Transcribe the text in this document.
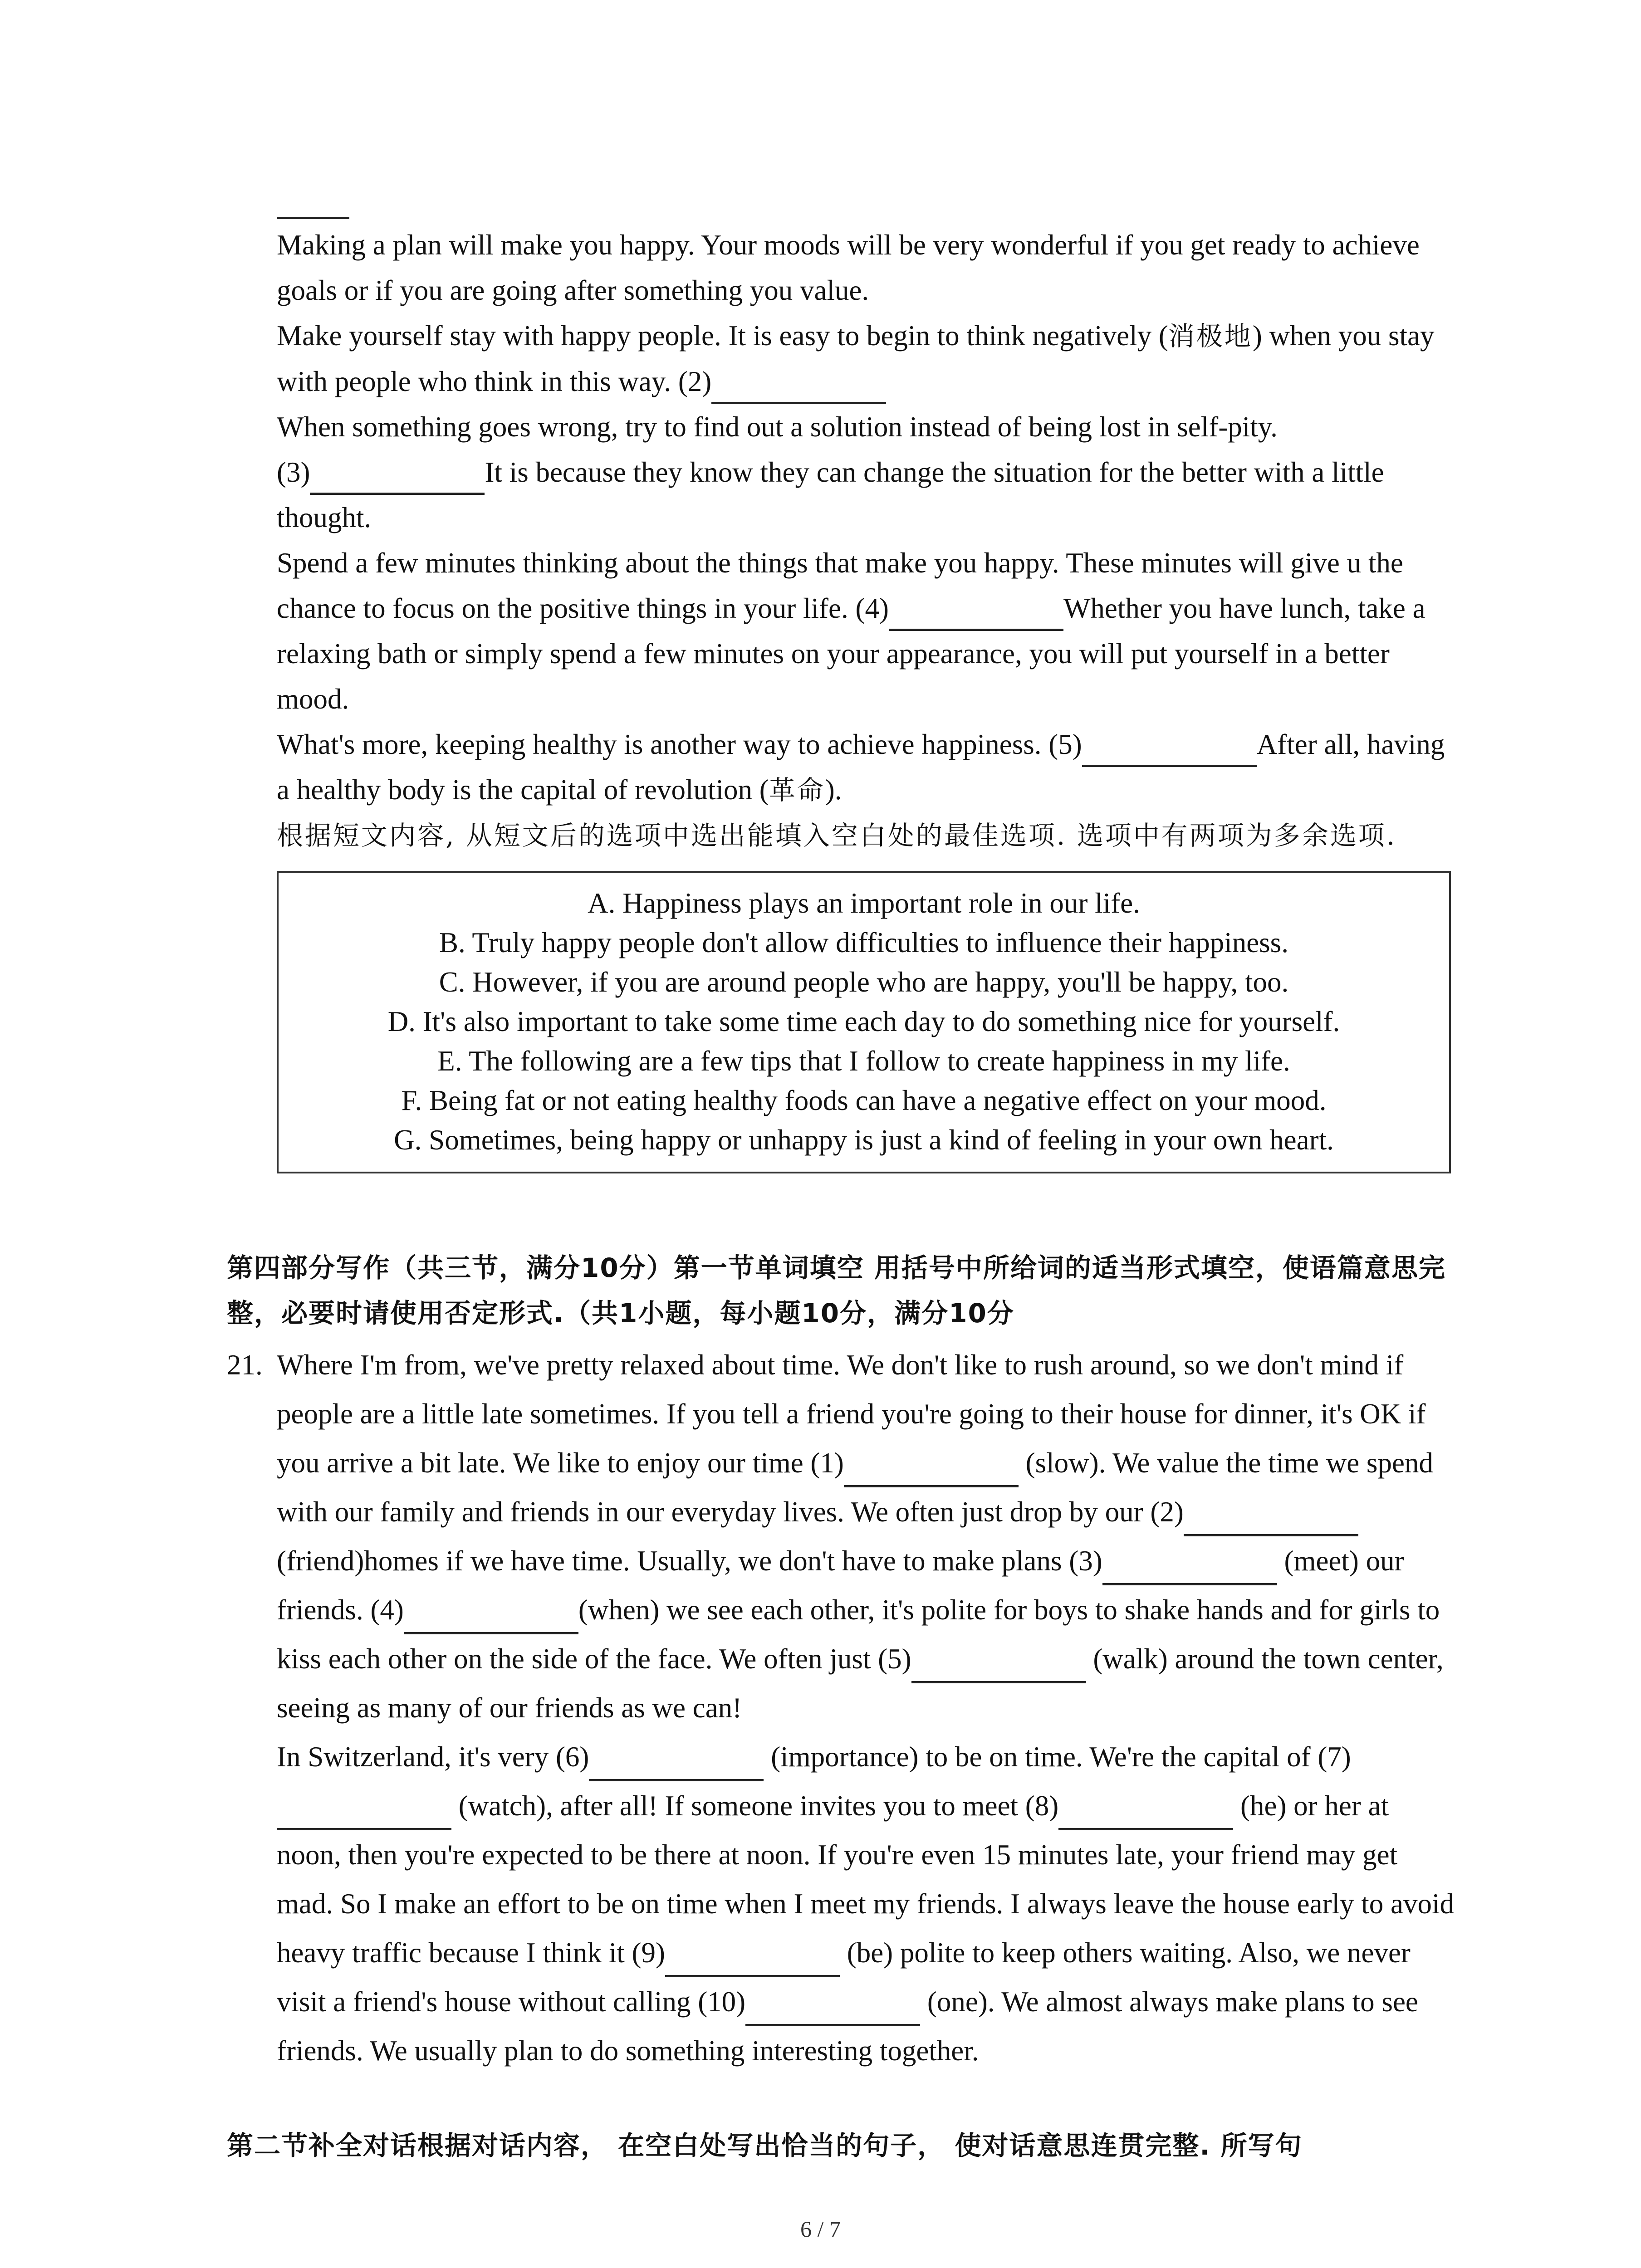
Making a plan will make you happy. Your moods will be very wonderful if you get ready to achieve goals or if you are going after something you value.

Make yourself stay with happy people. It is easy to begin to think negatively (消极地) when you stay with people who think in this way. (2)

When something goes wrong, try to find out a solution instead of being lost in self-pity.

(3)	It is because they know they can change the situation for the better with a little thought.

Spend a few minutes thinking about the things that make you happy. These minutes will give u the chance to focus on the positive things in your life. (4)	Whether you have lunch, take a relaxing bath or simply spend a few minutes on your appearance, you will put yourself in a better mood.

What's more, keeping healthy is another way to achieve happiness. (5)	After all, having a healthy body is the capital of revolution (革命).

根据短文内容, 从短文后的选项中选出能填入空白处的最佳选项. 选项中有两项为多余选项.

A. Happiness plays an important role in our life.
B. Truly happy people don't allow difficulties to influence their happiness.
C. However, if you are around people who are happy, you'll be happy, too.
D. It's also important to take some time each day to do something nice for yourself.
E. The following are a few tips that I follow to create happiness in my life.
F. Being fat or not eating healthy foods can have a negative effect on your mood.
G. Sometimes, being happy or unhappy is just a kind of feeling in your own heart.
第四部分写作（共三节，满分10分）第一节单词填空 用括号中所给词的适当形式填空，使语篇意思完整，必要时请使用否定形式.（共1小题，每小题10分，满分10分
21. Where I'm from, we've pretty relaxed about time. We don't like to rush around, so we don't mind if people are a little late sometimes. If you tell a friend you're going to their house for dinner, it's OK if you arrive a bit late. We like to enjoy our time (1)	(slow). We value the time we spend with our family and friends in our everyday lives. We often just drop by our (2) (friend)homes if we have time. Usually, we don't have to make plans (3)	(meet) our friends. (4)	(when) we see each other, it's polite for boys to shake hands and for girls to kiss each other on the side of the face. We often just (5)	(walk) around the town center, seeing as many of our friends as we can!
In Switzerland, it's very (6)	(importance) to be on time. We're the capital of (7) (watch), after all! If someone invites you to meet (8)	(he) or her at noon, then you're expected to be there at noon. If you're even 15 minutes late, your friend may get mad. So I make an effort to be on time when I meet my friends. I always leave the house early to avoid heavy traffic because I think it (9)	(be) polite to keep others waiting. Also, we never visit a friend's house without calling (10)	(one). We almost always make plans to see friends. We usually plan to do something interesting together.
第二节补全对话根据对话内容， 在空白处写出恰当的句子， 使对话意思连贯完整. 所写句
6 / 7
